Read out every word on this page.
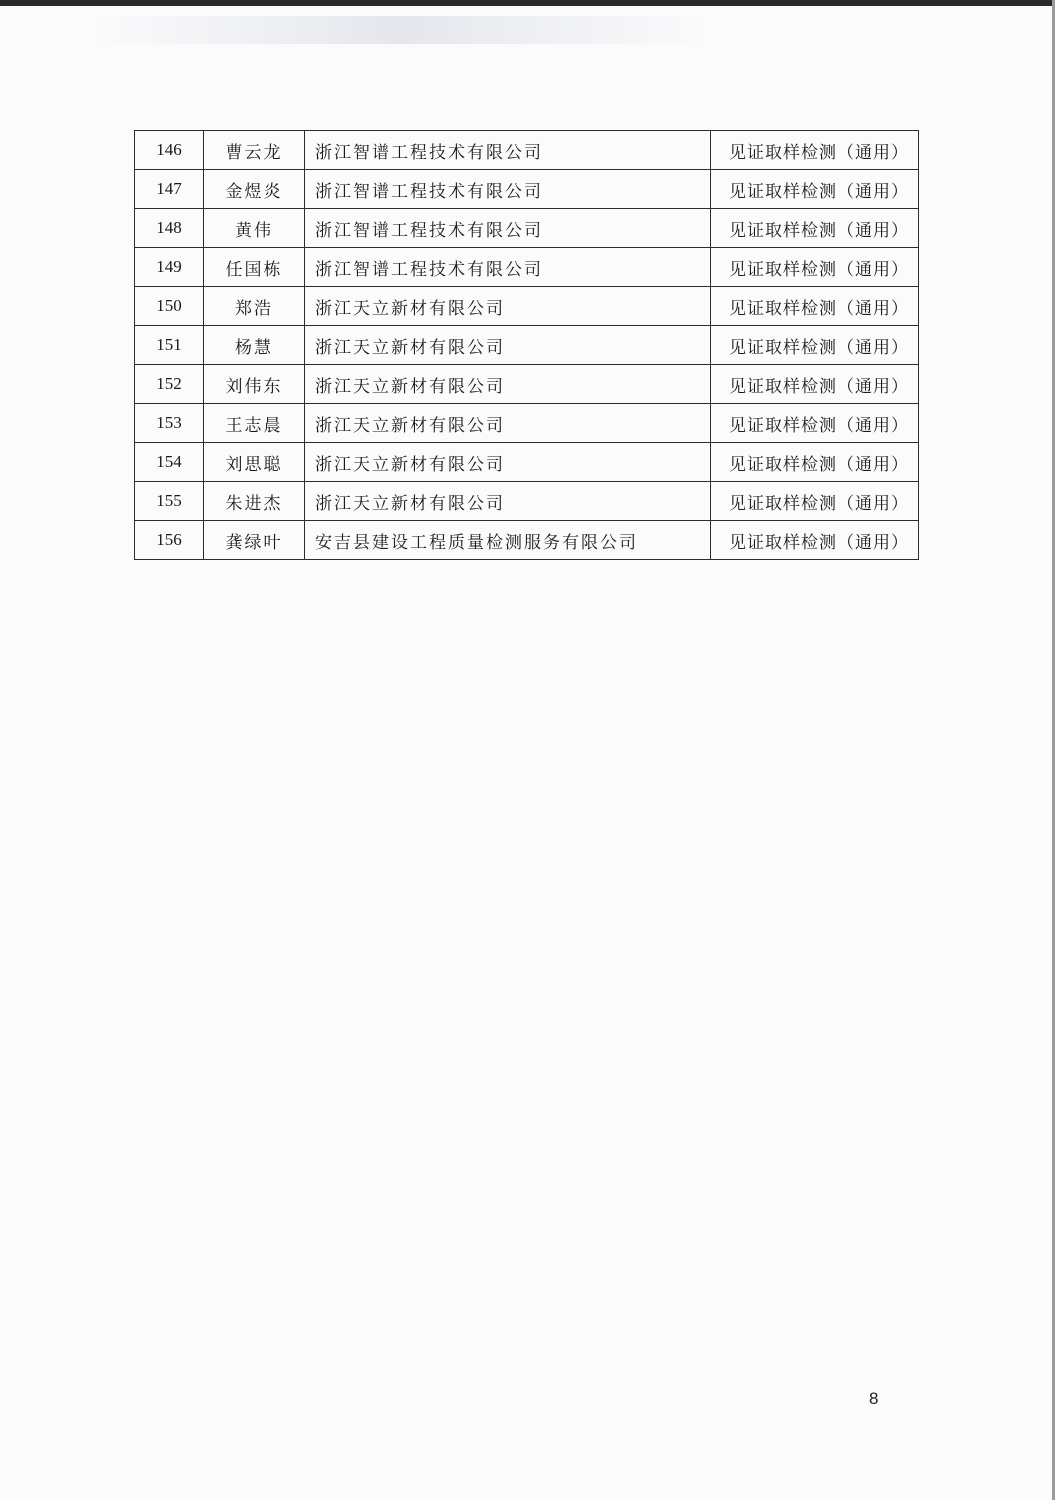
146	曹云龙	浙江智谱工程技术有限公司	见证取样检测（通用）
147	金煜炎	浙江智谱工程技术有限公司	见证取样检测（通用）
148	黄伟	浙江智谱工程技术有限公司	见证取样检测（通用）
149	任国栋	浙江智谱工程技术有限公司	见证取样检测（通用）
150	郑浩	浙江天立新材有限公司	见证取样检测（通用）
151	杨慧	浙江天立新材有限公司	见证取样检测（通用）
152	刘伟东	浙江天立新材有限公司	见证取样检测（通用）
153	王志晨	浙江天立新材有限公司	见证取样检测（通用）
154	刘思聪	浙江天立新材有限公司	见证取样检测（通用）
155	朱进杰	浙江天立新材有限公司	见证取样检测（通用）
156	龚绿叶	安吉县建设工程质量检测服务有限公司	见证取样检测（通用）
8
